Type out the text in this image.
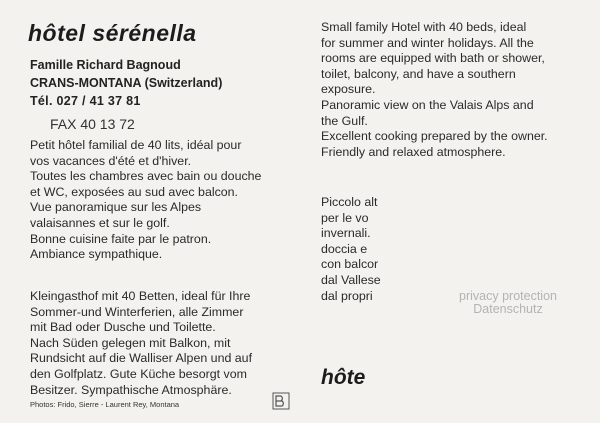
hôtel sérénella
Famille Richard Bagnoud
CRANS-MONTANA (Switzerland)
Tél. 027 / 41 37 81
FAX 40 13 72

Petit hôtel familial de 40 lits, idéal pour
vos vacances d'été et d'hiver.
Toutes les chambres avec bain ou douche
et WC, exposées au sud avec balcon.
Vue panoramique sur les Alpes
valaisannes et sur le golf.
Bonne cuisine faite par le patron.
Ambiance sympathique.

Kleingasthof mit 40 Betten, ideal für Ihre
Sommer-und Winterferien, alle Zimmer
mit Bad oder Dusche und Toilette.
Nach Süden gelegen mit Balkon, mit
Rundsicht auf die Walliser Alpen und auf
den Golfplatz. Gute Küche besorgt vom
Besitzer. Sympathische Atmosphäre.

Small family Hotel with 40 beds, ideal
for summer and winter holidays. All the
rooms are equipped with bath or shower,
toilet, balcony, and have a southern
exposure.
Panoramic view on the Valais Alps and
the Gulf.
Excellent cooking prepared by the owner.
Friendly and relaxed atmosphere.

Piccolo alt
per le vo
invernali.
doccia e
con balcor
dal Vallese
dal propri

Photos: Frido, Sierre - Laurent Rey, Montana
privacy protection
Datenschutz
hôte
